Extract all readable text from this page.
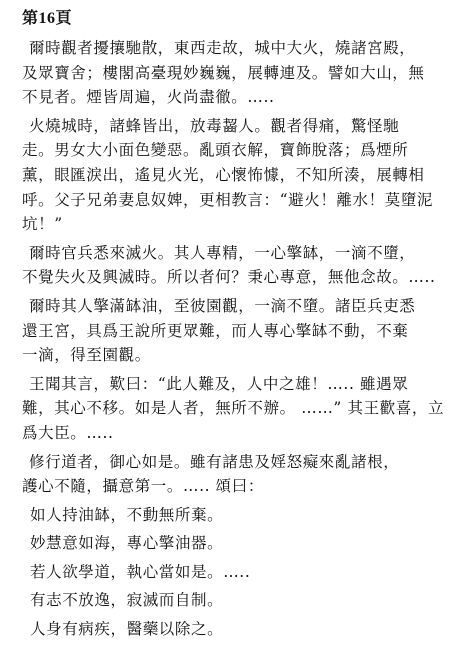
第16頁
爾時觀者擾攘馳散，東西走故，城中大火，燒諸宮殿，
及眾寶舍；樓閣高臺現妙巍巍，展轉連及。譬如大山，無
不見者。煙皆周遍，火尚盡徹。…..
火燒城時，諸蜂皆出，放毒齧人。觀者得痛，驚怪馳
走。男女大小面色變惡。亂頭衣解，寶飾脫落；爲煙所
薰，眼匯淚出，遙見火光，心懷怖懅，不知所湊，展轉相
呼。父子兄弟妻息奴婢，更相教言：“避火！離水！莫墮泥
坑！”
爾時官兵悉來滅火。其人專精，一心擎缽，一滴不墮，
不覺失火及興滅時。所以者何？秉心專意，無他念故。…..
爾時其人擎滿缽油，至彼園觀，一滴不墮。諸臣兵吏悉
還王宮，具爲王說所更眾難，而人專心擎缽不動，不棄
一滴，得至園觀。
王聞其言，歎曰：“此人難及，人中之雄！….. 雖遇眾
難，其心不移。如是人者，無所不辦。 ……” 其王歡喜，立
爲大臣。…..
修行道者，御心如是。雖有諸患及婬怒癡來亂諸根，
護心不隨，攝意第一。….. 頌曰：
如人持油缽，不動無所棄。
妙慧意如海，專心擎油器。
若人欲學道，執心當如是。…..
有志不放逸，寂滅而自制。
人身有病疾，醫藥以除之。
